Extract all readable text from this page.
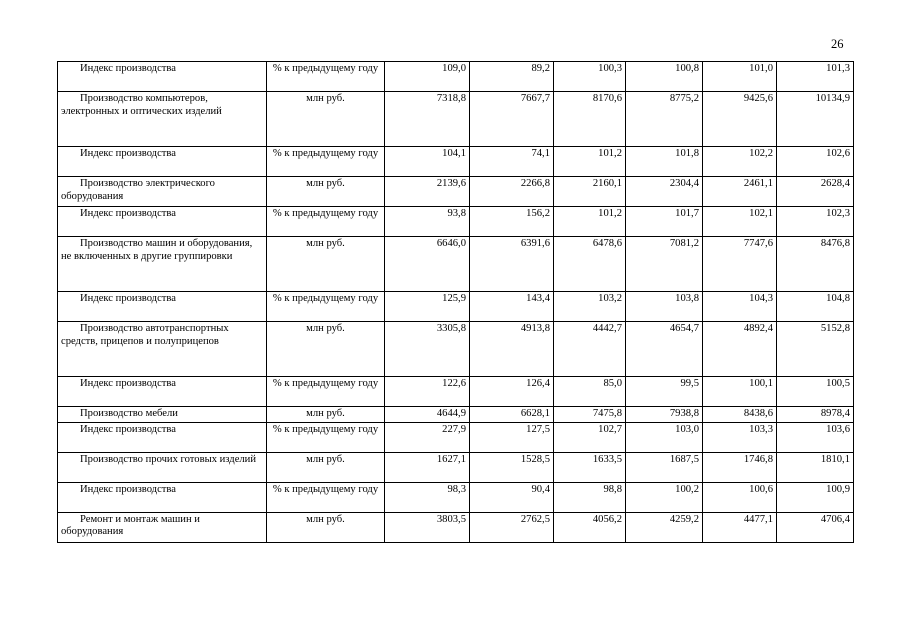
26
Индекс производства	% к предыдущему году	109,0	89,2	100,3	100,8	101,0	101,3
Производство компьютеров, электронных и оптических изделий	млн руб.	7318,8	7667,7	8170,6	8775,2	9425,6	10134,9
Индекс производства	% к предыдущему году	104,1	74,1	101,2	101,8	102,2	102,6
Производство электрического оборудования	млн руб.	2139,6	2266,8	2160,1	2304,4	2461,1	2628,4
Индекс производства	% к предыдущему году	93,8	156,2	101,2	101,7	102,1	102,3
Производство машин и оборудования, не включенных в другие группировки	млн руб.	6646,0	6391,6	6478,6	7081,2	7747,6	8476,8
Индекс производства	% к предыдущему году	125,9	143,4	103,2	103,8	104,3	104,8
Производство автотранспортных средств, прицепов и полуприцепов	млн руб.	3305,8	4913,8	4442,7	4654,7	4892,4	5152,8
Индекс производства	% к предыдущему году	122,6	126,4	85,0	99,5	100,1	100,5
Производство мебели	млн руб.	4644,9	6628,1	7475,8	7938,8	8438,6	8978,4
Индекс производства	% к предыдущему году	227,9	127,5	102,7	103,0	103,3	103,6
Производство прочих готовых изделий	млн руб.	1627,1	1528,5	1633,5	1687,5	1746,8	1810,1
Индекс производства	% к предыдущему году	98,3	90,4	98,8	100,2	100,6	100,9
Ремонт и монтаж машин и оборудования	млн руб.	3803,5	2762,5	4056,2	4259,2	4477,1	4706,4
